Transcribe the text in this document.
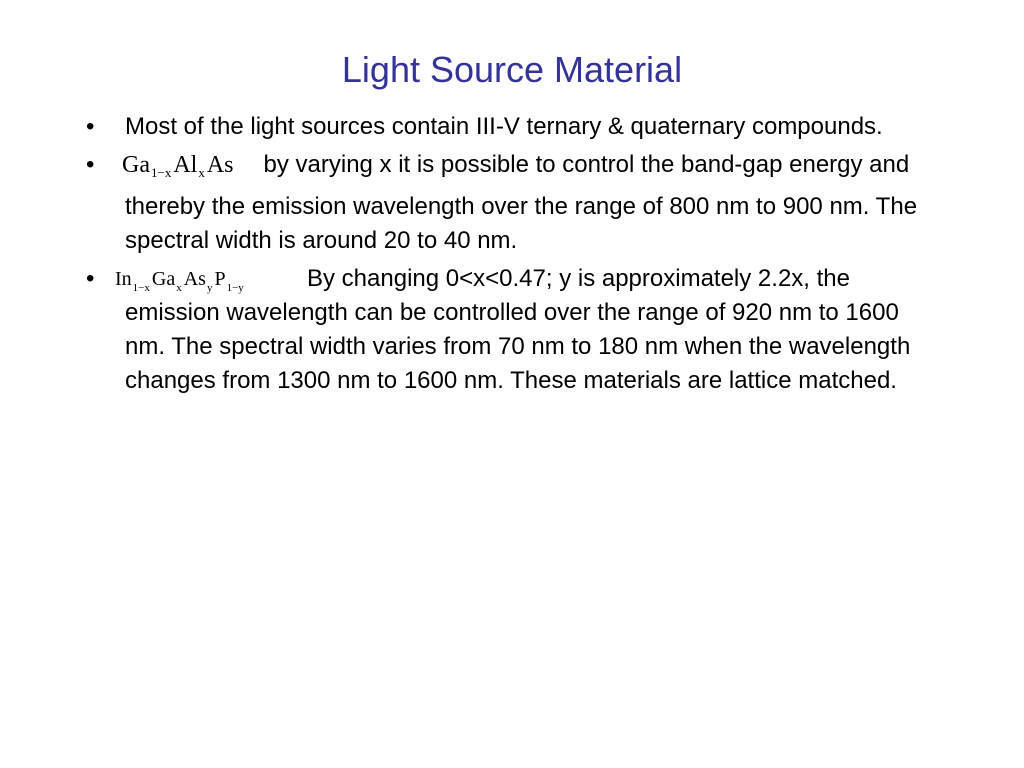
Light Source Material
•	Most of the light sources contain III-V ternary & quaternary compounds.
•	$Ga_{1-x}Al_xAs$ by varying x it is possible to control the band-gap energy and thereby the emission wavelength over the range of 800 nm to 900 nm. The spectral width is around 20 to 40 nm.
•	$In_{1-x}$ $Ga_x$ $As_y$ $P_{1-y}$	By changing 0<x<0.47; y is approximately 2.2x, the emission wavelength can be controlled over the range of 920 nm to 1600 nm. The spectral width varies from 70 nm to 180 nm when the wavelength changes from 1300 nm to 1600 nm. These materials are lattice matched.
